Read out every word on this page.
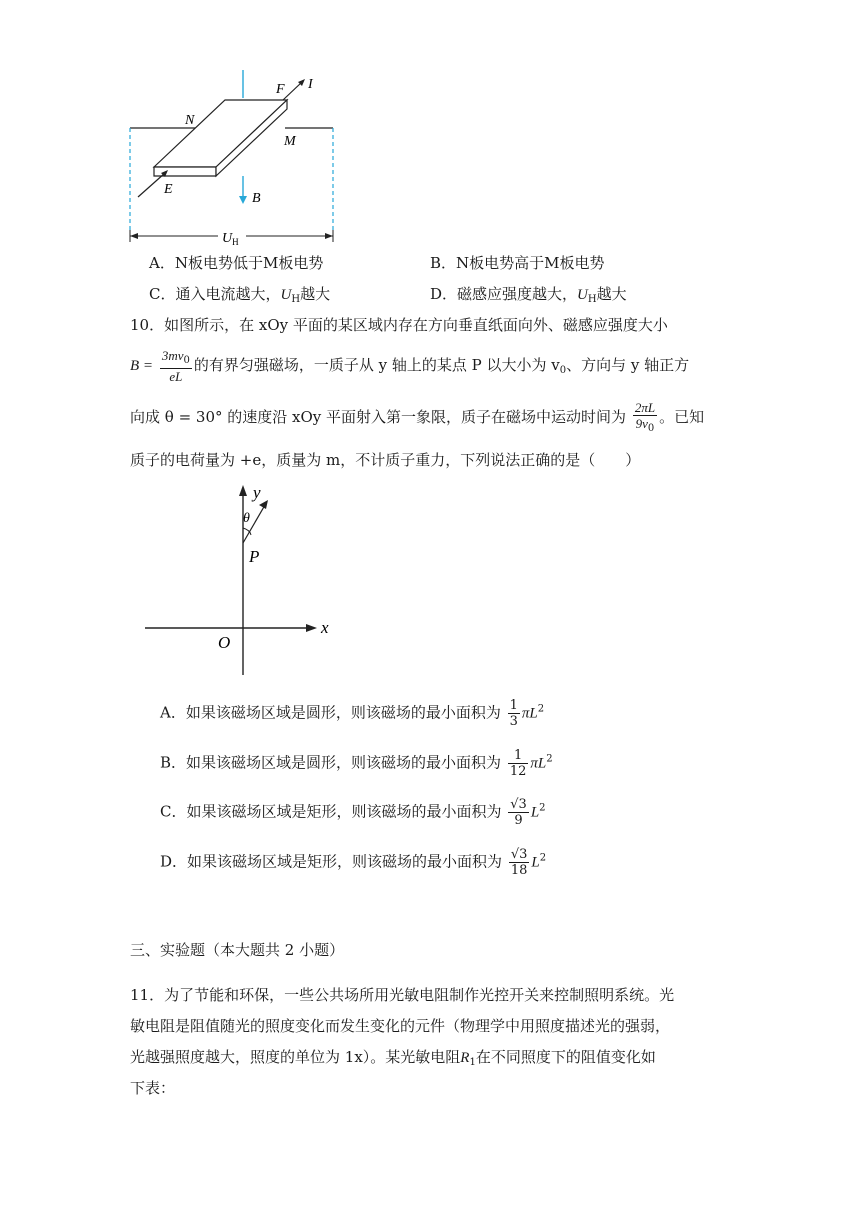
N
F I
M
E
B
$U_H$
A．N板电势低于M板电势	B．N板电势高于M板电势
C．通入电流越大，$U_H$越大	D．磁感应强度越大，$U_H$越大
10．如图所示，在 xOy 平面的某区域内存在方向垂直纸面向外、磁感应强度大小
$B = \frac{3mv_0}{eL}$ 的有界匀强磁场，一质子从 y 轴上的某点 P 以大小为 $v_0$、方向与 y 轴正方
向成 θ = 30° 的速度沿 xOy 平面射入第一象限，质子在磁场中运动时间为 $\frac{2\pi L}{9v_0}$ 。已知
质子的电荷量为 +e，质量为 m，不计质子重力，下列说法正确的是（　　）
y
θ
P
O
x
A．如果该磁场区域是圆形，则该磁场的最小面积为 $\frac{1}{3} \pi L^2$
B．如果该磁场区域是圆形，则该磁场的最小面积为 $\frac{1}{12} \pi L^2$
C．如果该磁场区域是矩形，则该磁场的最小面积为 $\frac{√3}{9} L^2$
D．如果该磁场区域是矩形，则该磁场的最小面积为 $\frac{√3}{18} L^2$
三、实验题（本大题共 2 小题）
11．为了节能和环保，一些公共场所用光敏电阻制作光控开关来控制照明系统。光
敏电阻是阻值随光的照度变化而发生变化的元件（物理学中用照度描述光的强弱，
光越强照度越大，照度的单位为 1x）。某光敏电阻$R_1$在不同照度下的阻值变化如
下表：
